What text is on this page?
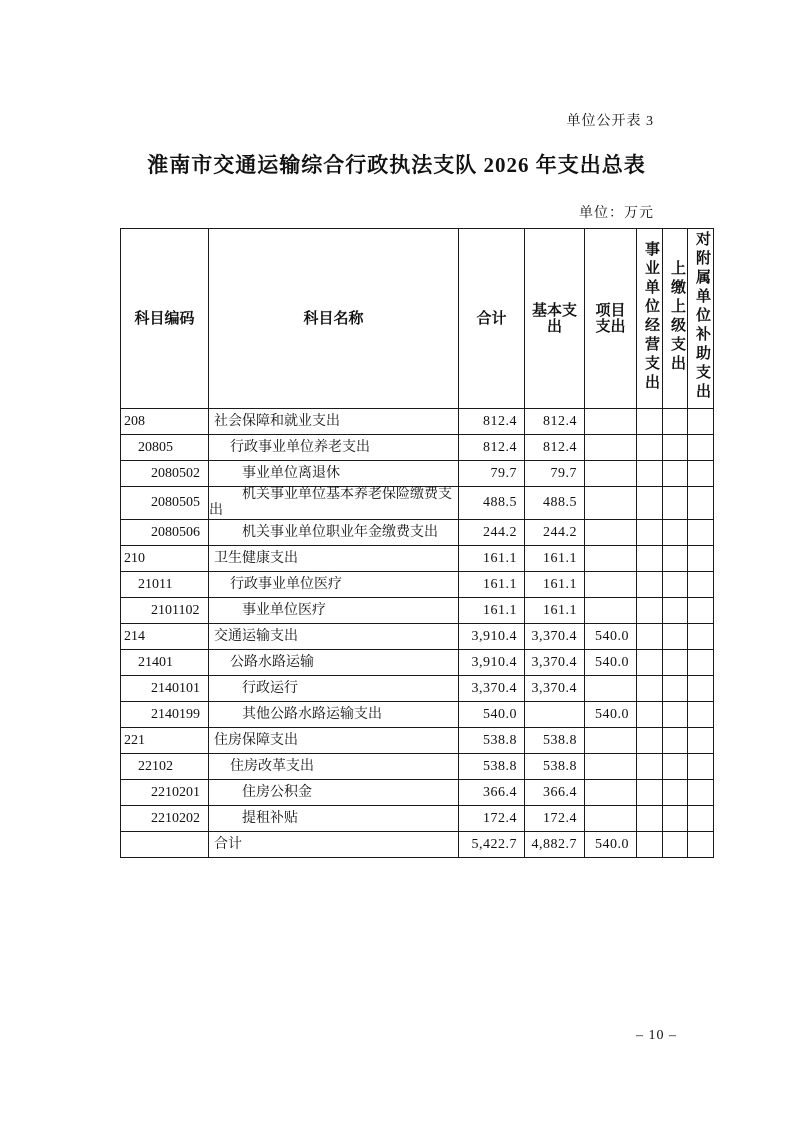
单位公开表 3
淮南市交通运输综合行政执法支队 2026 年支出总表
单位：万元
科目编码	科目名称	合计	基本支出	项目支出	事业单位经营支出	上缴上级支出	对附属单位补助支出
208	社会保障和就业支出	812.4	812.4				
20805	行政事业单位养老支出	812.4	812.4				
2080502	事业单位离退休	79.7	79.7				
2080505	机关事业单位基本养老保险缴费支出	488.5	488.5				
2080506	机关事业单位职业年金缴费支出	244.2	244.2				
210	卫生健康支出	161.1	161.1				
21011	行政事业单位医疗	161.1	161.1				
2101102	事业单位医疗	161.1	161.1				
214	交通运输支出	3,910.4	3,370.4	540.0			
21401	公路水路运输	3,910.4	3,370.4	540.0			
2140101	行政运行	3,370.4	3,370.4				
2140199	其他公路水路运输支出	540.0		540.0			
221	住房保障支出	538.8	538.8				
22102	住房改革支出	538.8	538.8				
2210201	住房公积金	366.4	366.4				
2210202	提租补贴	172.4	172.4				
	合计	5,422.7	4,882.7	540.0			
– 10 –
